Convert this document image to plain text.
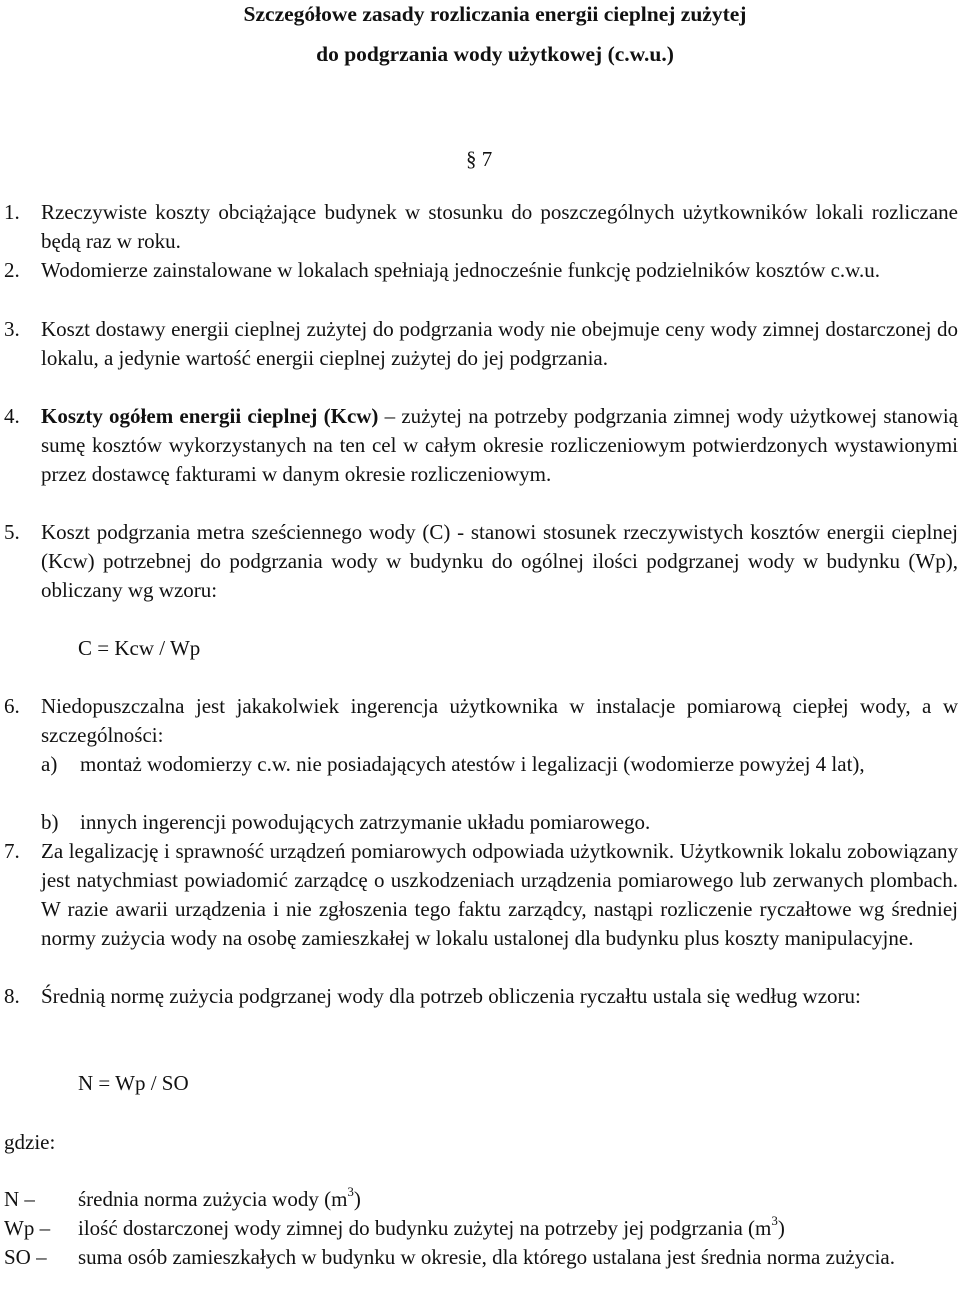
Szczegółowe zasady rozliczania energii cieplnej zużytej
do podgrzania wody użytkowej (c.w.u.)
§ 7
1. Rzeczywiste koszty obciążające budynek w stosunku do poszczególnych użytkowników lokali rozliczane będą raz w roku.
2. Wodomierze zainstalowane w lokalach spełniają jednocześnie funkcję podzielników kosztów c.w.u.
3. Koszt dostawy energii cieplnej zużytej do podgrzania wody nie obejmuje ceny wody zimnej dostarczonej do lokalu, a jedynie wartość energii cieplnej zużytej do jej podgrzania.
4. Koszty ogółem energii cieplnej (Kcw) – zużytej na potrzeby podgrzania zimnej wody użytkowej stanowią sumę kosztów wykorzystanych na ten cel w całym okresie rozliczeniowym potwierdzonych wystawionymi przez dostawcę fakturami w danym okresie rozliczeniowym.
5. Koszt podgrzania metra sześciennego wody (C) - stanowi stosunek rzeczywistych kosztów energii cieplnej (Kcw) potrzebnej do podgrzania wody w budynku do ogólnej ilości podgrzanej wody w budynku (Wp), obliczany wg wzoru:
C = Kcw / Wp
6. Niedopuszczalna jest jakakolwiek ingerencja użytkownika w instalacje pomiarową ciepłej wody, a w szczególności:
a) montaż wodomierzy c.w. nie posiadających atestów i legalizacji (wodomierze powyżej 4 lat),
b) innych ingerencji powodujących zatrzymanie układu pomiarowego.
7. Za legalizację i sprawność urządzeń pomiarowych odpowiada użytkownik. Użytkownik lokalu zobowiązany jest natychmiast powiadomić zarządcę o uszkodzeniach urządzenia pomiarowego lub zerwanych plombach. W razie awarii urządzenia i nie zgłoszenia tego faktu zarządcy, nastąpi rozliczenie ryczałtowe wg średniej normy zużycia wody na osobę zamieszkałej w lokalu ustalonej dla budynku plus koszty manipulacyjne.
8. Średnią normę zużycia podgrzanej wody dla potrzeb obliczenia ryczałtu ustala się według wzoru:
N = Wp / SO
gdzie:
N – średnia norma zużycia wody $(m^3)$
Wp – ilość dostarczonej wody zimnej do budynku zużytej na potrzeby jej podgrzania $(m^3)$
SO – suma osób zamieszkałych w budynku w okresie, dla którego ustalana jest średnia norma zużycia.
